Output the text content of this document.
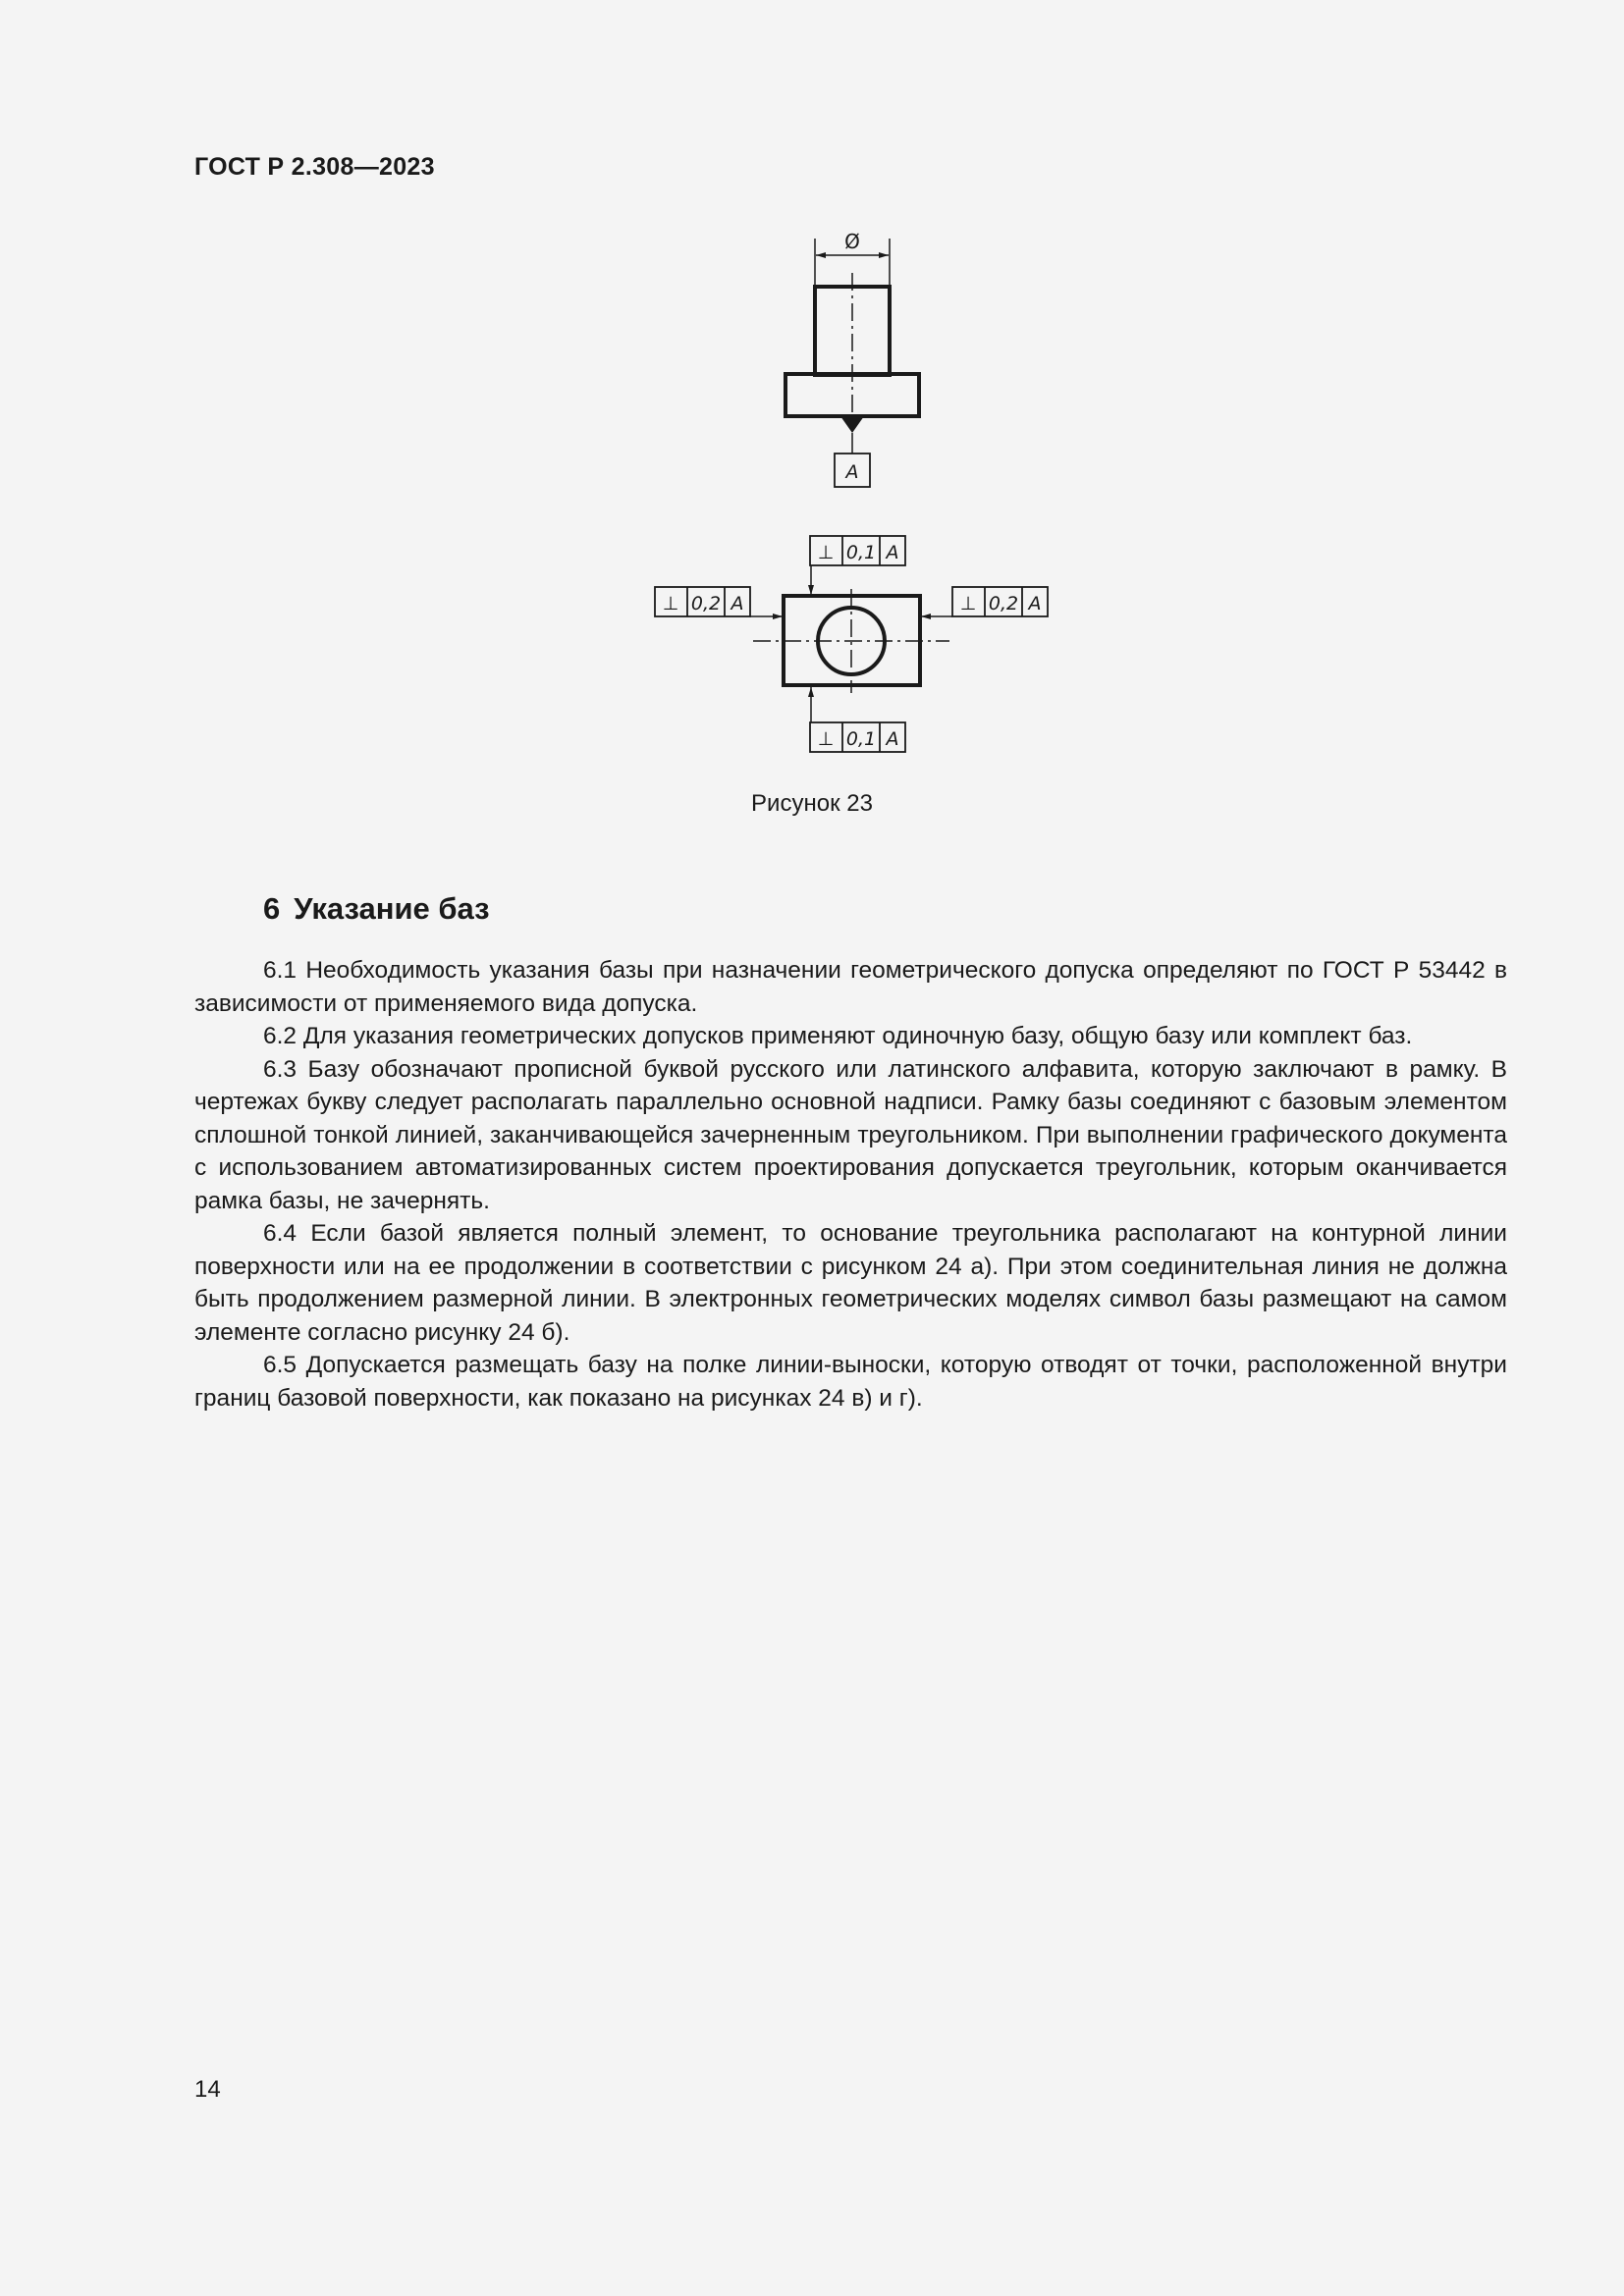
ГОСТ Р 2.308—2023
Ø
A
⊥ 0,1 A
⊥ 0,1 A
⊥ 0,2 A	⊥ 0,2 A
Рисунок 23
6 Указание баз

6.1 Необходимость указания базы при назначении геометрического допуска определяют по ГОСТ Р 53442 в зависимости от применяемого вида допуска.

6.2 Для указания геометрических допусков применяют одиночную базу, общую базу или комплект баз.

6.3 Базу обозначают прописной буквой русского или латинского алфавита, которую заключают в рамку. В чертежах букву следует располагать параллельно основной надписи. Рамку базы соединяют с базовым элементом сплошной тонкой линией, заканчивающейся зачерненным треугольником. При выполнении графического документа с использованием автоматизированных систем проектирования допускается треугольник, которым оканчивается рамка базы, не зачернять.

6.4 Если базой является полный элемент, то основание треугольника располагают на контурной линии поверхности или на ее продолжении в соответствии с рисунком 24 а). При этом соединительная линия не должна быть продолжением размерной линии. В электронных геометрических моделях символ базы размещают на самом элементе согласно рисунку 24 б).

6.5 Допускается размещать базу на полке линии-выноски, которую отводят от точки, расположенной внутри границ базовой поверхности, как показано на рисунках 24 в) и г).

14
